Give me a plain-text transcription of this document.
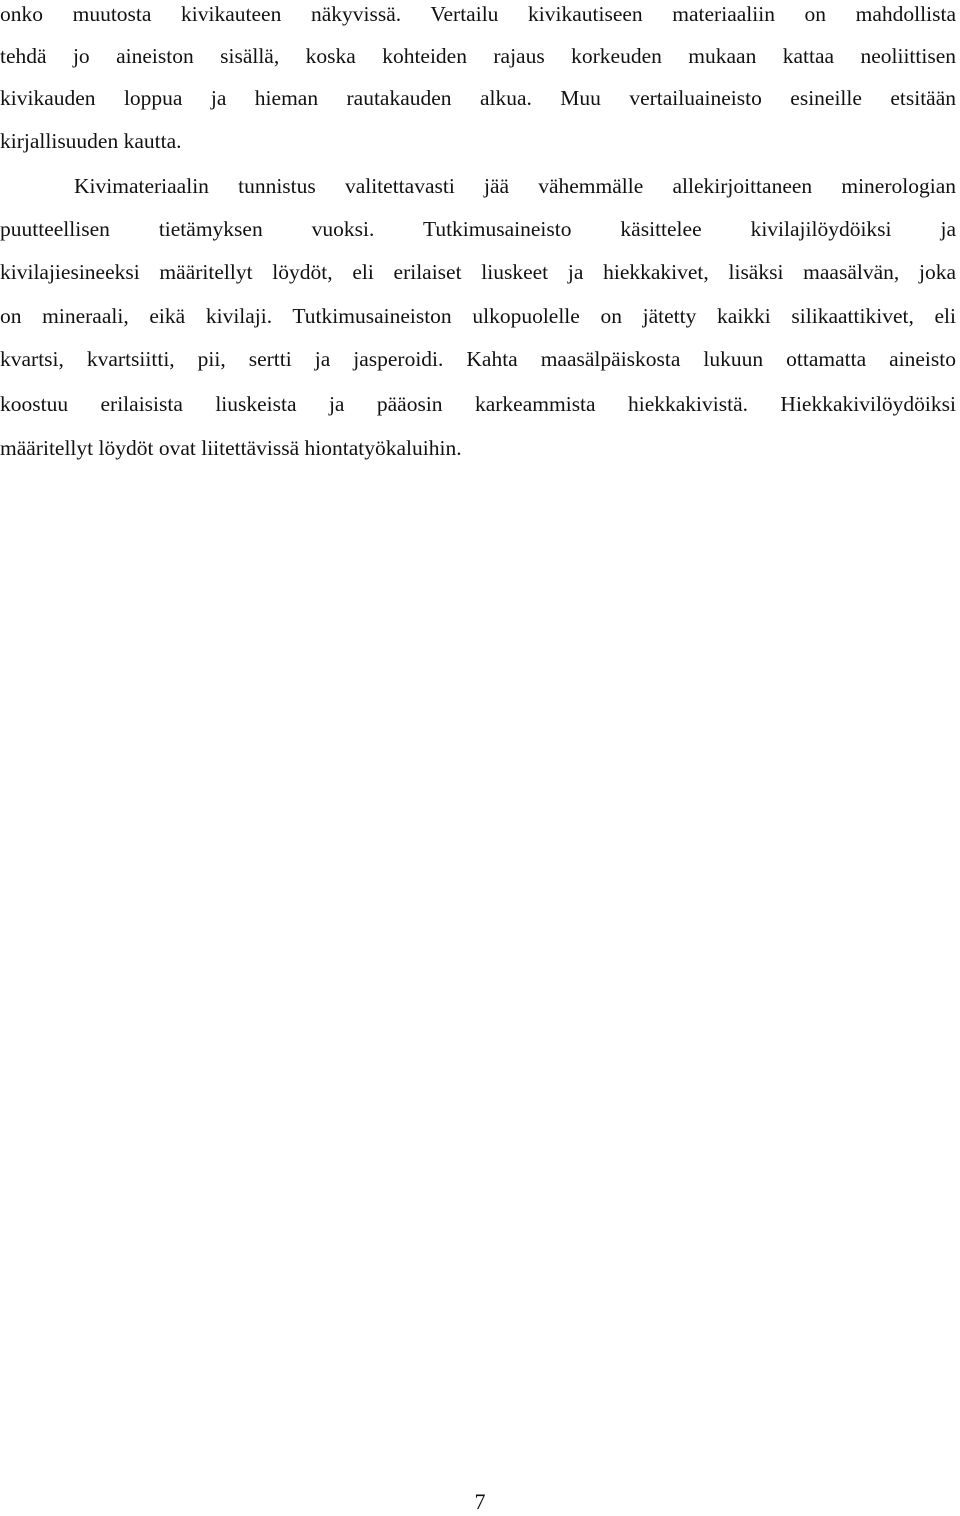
onko muutosta kivikauteen näkyvissä. Vertailu kivikautiseen materiaaliin on mahdollista
tehdä jo aineiston sisällä, koska kohteiden rajaus korkeuden mukaan kattaa neoliittisen
kivikauden loppua ja hieman rautakauden alkua. Muu vertailuaineisto esineille etsitään
kirjallisuuden kautta.
Kivimateriaalin tunnistus valitettavasti jää vähemmälle allekirjoittaneen minerologian
puutteellisen tietämyksen vuoksi. Tutkimusaineisto käsittelee kivilajilöydöiksi ja
kivilajiesineeksi määritellyt löydöt, eli erilaiset liuskeet ja hiekkakivet, lisäksi maasälvän, joka
on mineraali, eikä kivilaji. Tutkimusaineiston ulkopuolelle on jätetty kaikki silikaattikivet, eli
kvartsi, kvartsiitti, pii, sertti ja jasperoidi. Kahta maasälpäiskosta lukuun ottamatta aineisto
koostuu erilaisista liuskeista ja pääosin karkeammista hiekkakivistä. Hiekkakivilöydöiksi
määritellyt löydöt ovat liitettävissä hiontatyökaluihin.
7
